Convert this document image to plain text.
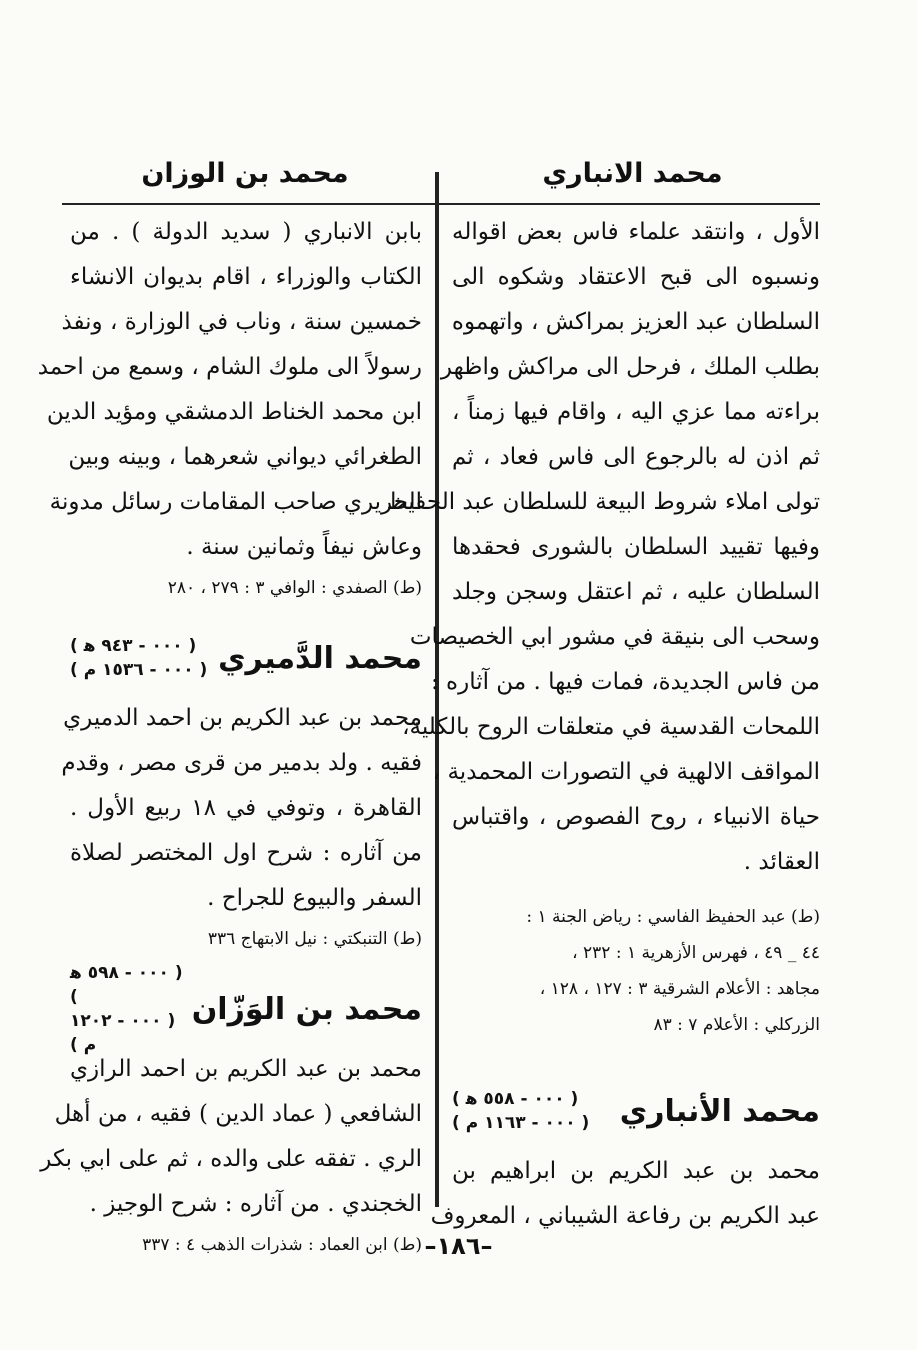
محمد الانباري
محمد بن الوزان
الأول ، وانتقد علماء فاس بعض اقواله
ونسبوه الى قبح الاعتقاد وشكوه الى
السلطان عبد العزيز بمراكش ، واتهموه
بطلب الملك ، فرحل الى مراكش واظهر
براءته مما عزي اليه ، واقام فيها زمناً ،
ثم اذن له بالرجوع الى فاس فعاد ، ثم
تولى املاء شروط البيعة للسلطان عبد الحفيظ
وفيها تقييد السلطان بالشورى فحقدها
السلطان عليه ، ثم اعتقل وسجن وجلد
وسحب الى بنيقة في مشور ابي الخصيصات
من فاس الجديدة، فمات فيها . من آثاره :
اللمحات القدسية في متعلقات الروح بالكلية،
المواقف الالهية في التصورات المحمدية ،
حياة الانبياء ، روح الفصوص ، واقتباس
العقائد .
(ط) عبد الحفيظ الفاسي : رياض الجنة ١ :
٤٤ _ ٤٩ ، فهرس الأزهرية ١ : ٢٣٢ ،
مجاهد : الأعلام الشرقية ٣ : ١٢٧ ، ١٢٨ ،
الزركلي : الأعلام ٧ : ٨٣
محمد الأنباري
( ٠٠٠ - ٥٥٨ ﻫ )
( ٠٠٠ - ١١٦٣ م )
محمد بن عبد الكريم بن ابراهيم بن
عبد الكريم بن رفاعة الشيباني ، المعروف
بابن الانباري ( سديد الدولة ) . من
الكتاب والوزراء ، اقام بديوان الانشاء
خمسين سنة ، وناب في الوزارة ، ونفذ
رسولاً الى ملوك الشام ، وسمع من احمد
ابن محمد الخناط الدمشقي ومؤيد الدين
الطغرائي ديواني شعرهما ، وبينه وبين
الحريري صاحب المقامات رسائل مدونة
وعاش نيفاً وثمانين سنة .
(ط) الصفدي : الوافي ٣ : ٢٧٩ ، ٢٨٠
محمد الدَّميري
( ٠٠٠ - ٩٤٣ ﻫ )
( ٠٠٠ - ١٥٣٦ م )
محمد بن عبد الكريم بن احمد الدميري
فقيه . ولد بدمير من قرى مصر ، وقدم
القاهرة ، وتوفي في ١٨ ربيع الأول .
من آثاره : شرح اول المختصر لصلاة
السفر والبيوع للجراح .
(ط) التنبكتي : نيل الابتهاج ٣٣٦
محمد بن الوَزّان
( ٠٠٠ - ٥٩٨ ﻫ )
( ٠٠٠ - ١٢٠٢ م )
محمد بن عبد الكريم بن احمد الرازي
الشافعي ( عماد الدين ) فقيه ، من أهل
الري . تفقه على والده ، ثم على ابي بكر
الخجندي . من آثاره : شرح الوجيز .
(ط) ابن العماد : شذرات الذهب ٤ : ٣٣٧ –١٨٦–
